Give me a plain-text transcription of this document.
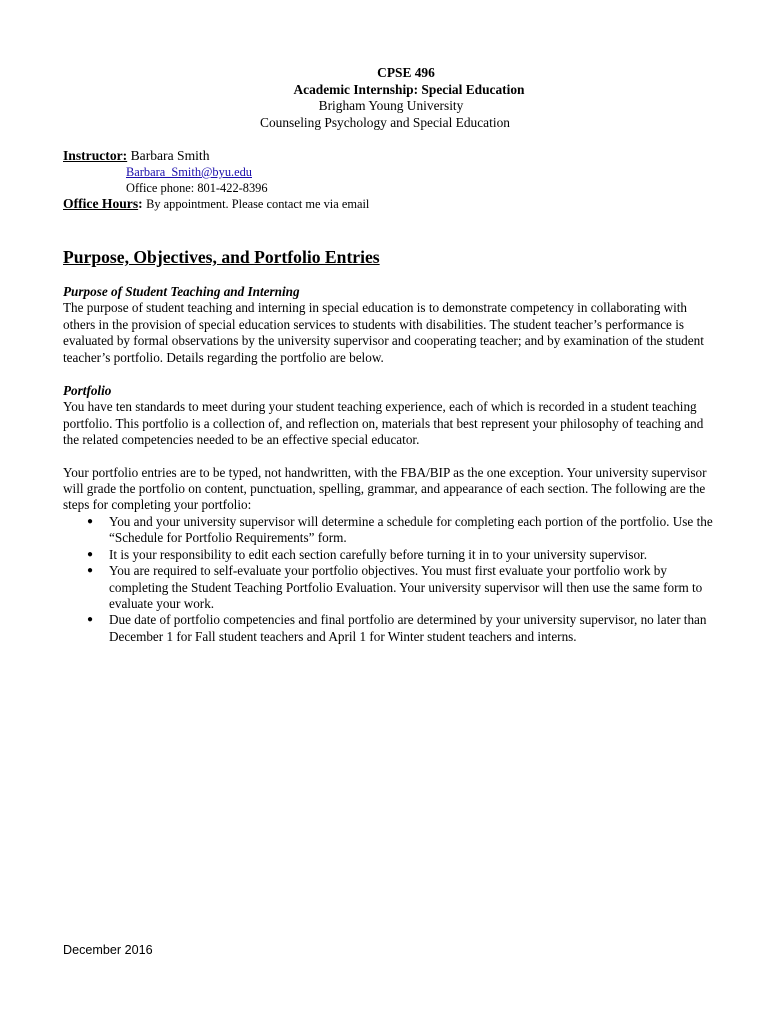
CPSE 496
Academic Internship: Special Education
Brigham Young University
Counseling Psychology and Special Education
Instructor: Barbara Smith
Barbara_Smith@byu.edu
Office phone: 801-422-8396
Office Hours: By appointment. Please contact me via email
Purpose, Objectives, and Portfolio Entries
Purpose of Student Teaching and Interning

The purpose of student teaching and interning in special education is to demonstrate competency in collaborating with others in the provision of special education services to students with disabilities. The student teacher’s performance is evaluated by formal observations by the university supervisor and cooperating teacher; and by examination of the student teacher’s portfolio. Details regarding the portfolio are below.

Portfolio

You have ten standards to meet during your student teaching experience, each of which is recorded in a student teaching portfolio. This portfolio is a collection of, and reflection on, materials that best represent your philosophy of teaching and the related competencies needed to be an effective special educator.

Your portfolio entries are to be typed, not handwritten, with the FBA/BIP as the one exception. Your university supervisor will grade the portfolio on content, punctuation, spelling, grammar, and appearance of each section. The following are the steps for completing your portfolio:

● You and your university supervisor will determine a schedule for completing each portion of the portfolio. Use the “Schedule for Portfolio Requirements” form.
● It is your responsibility to edit each section carefully before turning it in to your university supervisor.
● You are required to self-evaluate your portfolio objectives. You must first evaluate your portfolio work by completing the Student Teaching Portfolio Evaluation. Your university supervisor will then use the same form to evaluate your work.
● Due date of portfolio competencies and final portfolio are determined by your university supervisor, no later than December 1 for Fall student teachers and April 1 for Winter student teachers and interns.
December 2016
